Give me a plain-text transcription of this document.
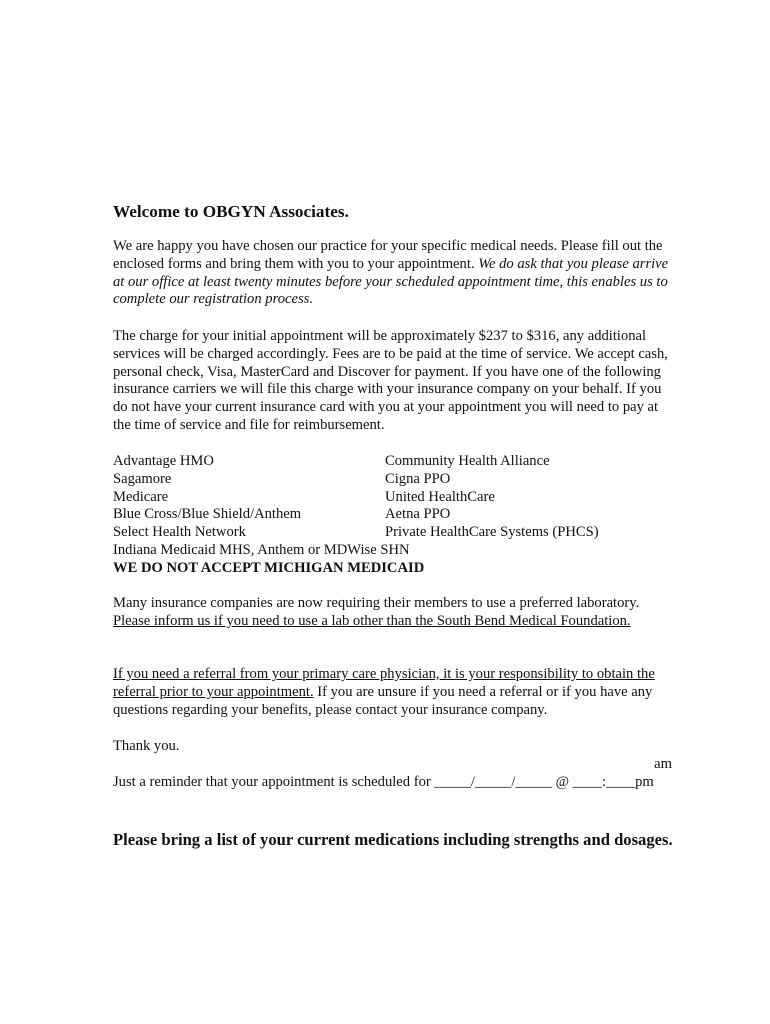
Welcome to OBGYN Associates.

We are happy you have chosen our practice for your specific medical needs. Please fill out the enclosed forms and bring them with you to your appointment. We do ask that you please arrive at our office at least twenty minutes before your scheduled appointment time, this enables us to complete our registration process.

The charge for your initial appointment will be approximately $237 to $316, any additional services will be charged accordingly. Fees are to be paid at the time of service. We accept cash, personal check, Visa, MasterCard and Discover for payment. If you have one of the following insurance carriers we will file this charge with your insurance company on your behalf. If you do not have your current insurance card with you at your appointment you will need to pay at the time of service and file for reimbursement.

Advantage HMO	Community Health Alliance
Sagamore	Cigna PPO
Medicare	United HealthCare
Blue Cross/Blue Shield/Anthem	Aetna PPO
Select Health Network	Private HealthCare Systems (PHCS)
Indiana Medicaid MHS, Anthem or MDWise SHN
WE DO NOT ACCEPT MICHIGAN MEDICAID

Many insurance companies are now requiring their members to use a preferred laboratory. Please inform us if you need to use a lab other than the South Bend Medical Foundation.

If you need a referral from your primary care physician, it is your responsibility to obtain the referral prior to your appointment. If you are unsure if you need a referral or if you have any questions regarding your benefits, please contact your insurance company.

Thank you.
am
Just a reminder that your appointment is scheduled for _____/_____/_____ @ ____:____pm
Please bring a list of your current medications including strengths and dosages.
